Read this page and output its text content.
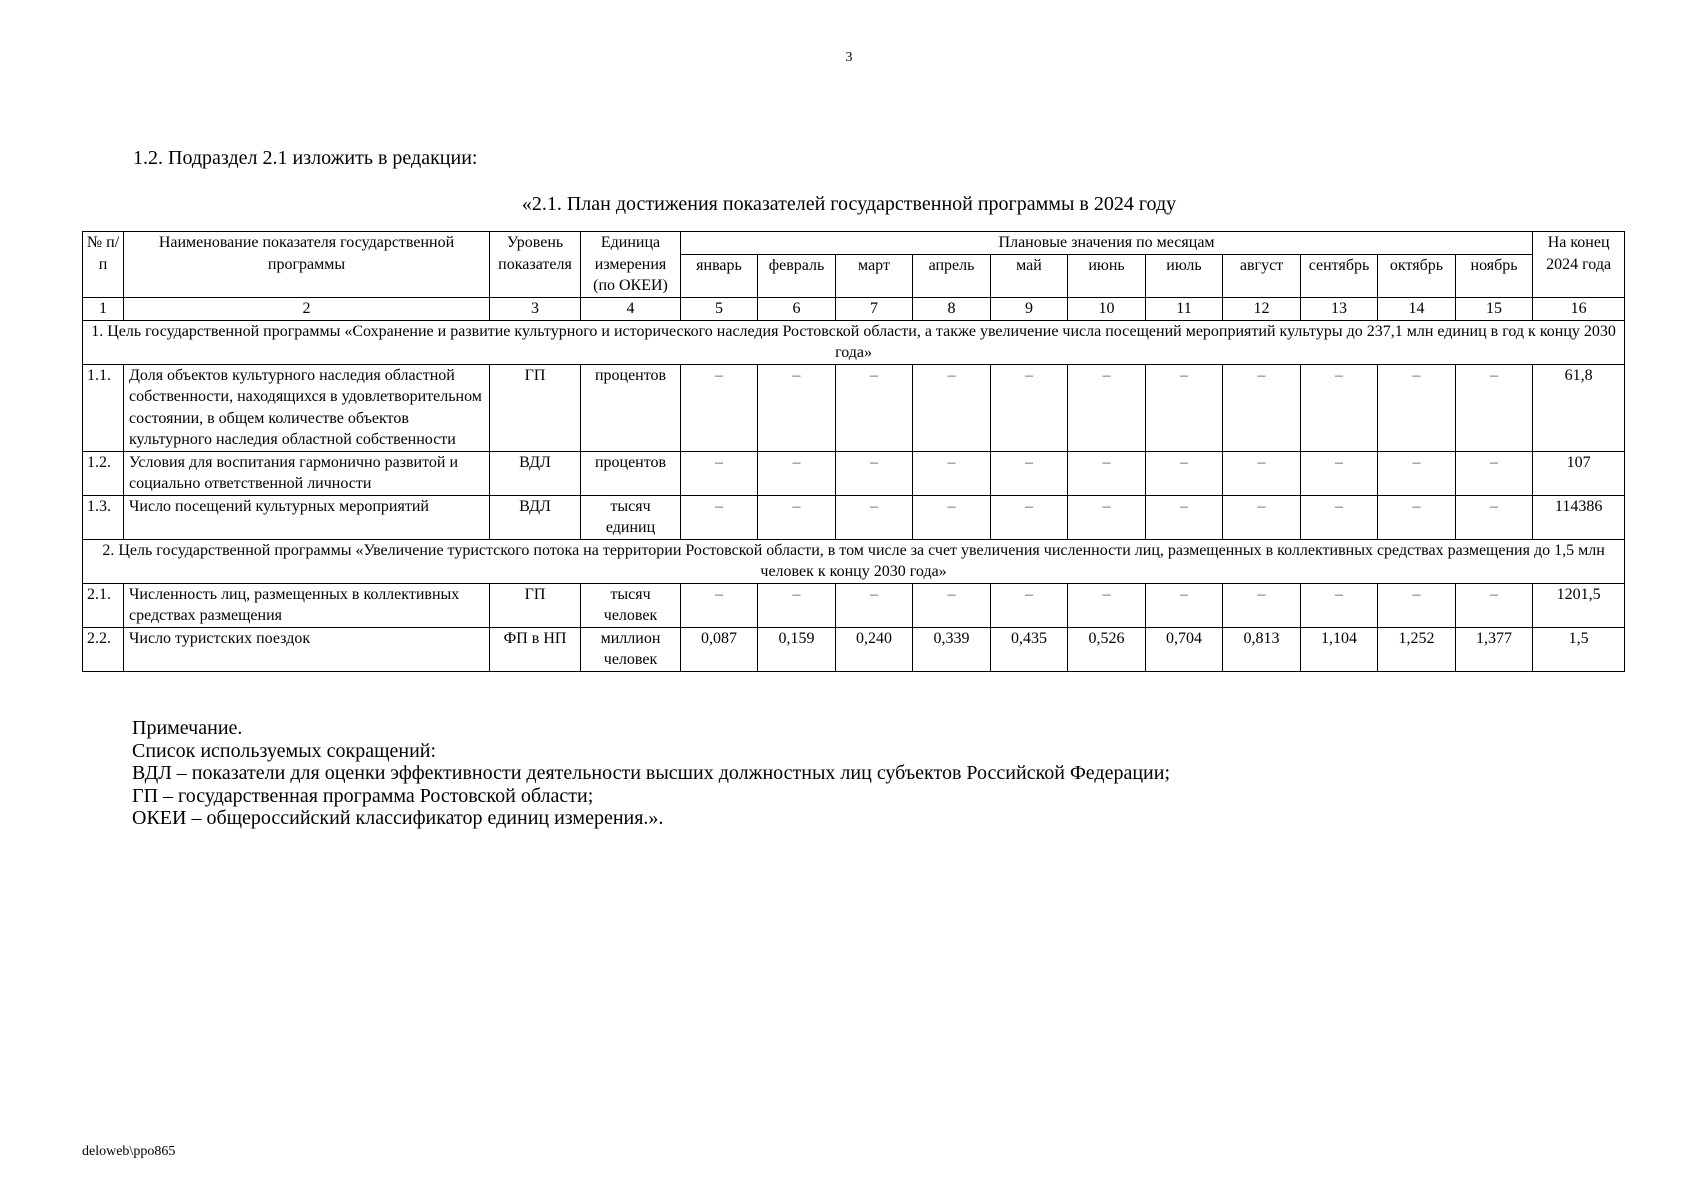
3
1.2. Подраздел 2.1 изложить в редакции:
«2.1. План достижения показателей государственной программы в 2024 году
№ п/п	Наименование показателя государственной программы	Уровень показателя	Единица измерения (по ОКЕИ)	Плановые значения по месяцам											На конец 2024 года
				январь	февраль	март	апрель	май	июнь	июль	август	сентябрь	октябрь	ноябрь	
1	2	3	4	5	6	7	8	9	10	11	12	13	14	15	16
1. Цель государственной программы «Сохранение и развитие культурного и исторического наследия Ростовской области, а также увеличение числа посещений мероприятий культуры до 237,1 млн единиц в год к концу 2030 года»															
1.1.	Доля объектов культурного наследия областной собственности, находящихся в удовлетворительном состоянии, в общем количестве объектов культурного наследия областной собственности	ГП	процентов	–	–	–	–	–	–	–	–	–	–	–	61,8
1.2.	Условия для воспитания гармонично развитой и социально ответственной личности	ВДЛ	процентов	–	–	–	–	–	–	–	–	–	–	–	107
1.3.	Число посещений культурных мероприятий	ВДЛ	тысяч единиц	–	–	–	–	–	–	–	–	–	–	–	114386
2. Цель государственной программы «Увеличение туристского потока на территории Ростовской области, в том числе за счет увеличения численности лиц, размещенных в коллективных средствах размещения до 1,5 млн человек к концу 2030 года»															
2.1.	Численность лиц, размещенных в коллективных средствах размещения	ГП	тысяч человек	–	–	–	–	–	–	–	–	–	–	–	1201,5
2.2.	Число туристских поездок	ФП в НП	миллион человек	0,087	0,159	0,240	0,339	0,435	0,526	0,704	0,813	1,104	1,252	1,377	1,5
Примечание.
Список используемых сокращений:
ВДЛ – показатели для оценки эффективности деятельности высших должностных лиц субъектов Российской Федерации;
ГП – государственная программа Ростовской области;
ОКЕИ – общероссийский классификатор единиц измерения.».
deloweb\ppo865
